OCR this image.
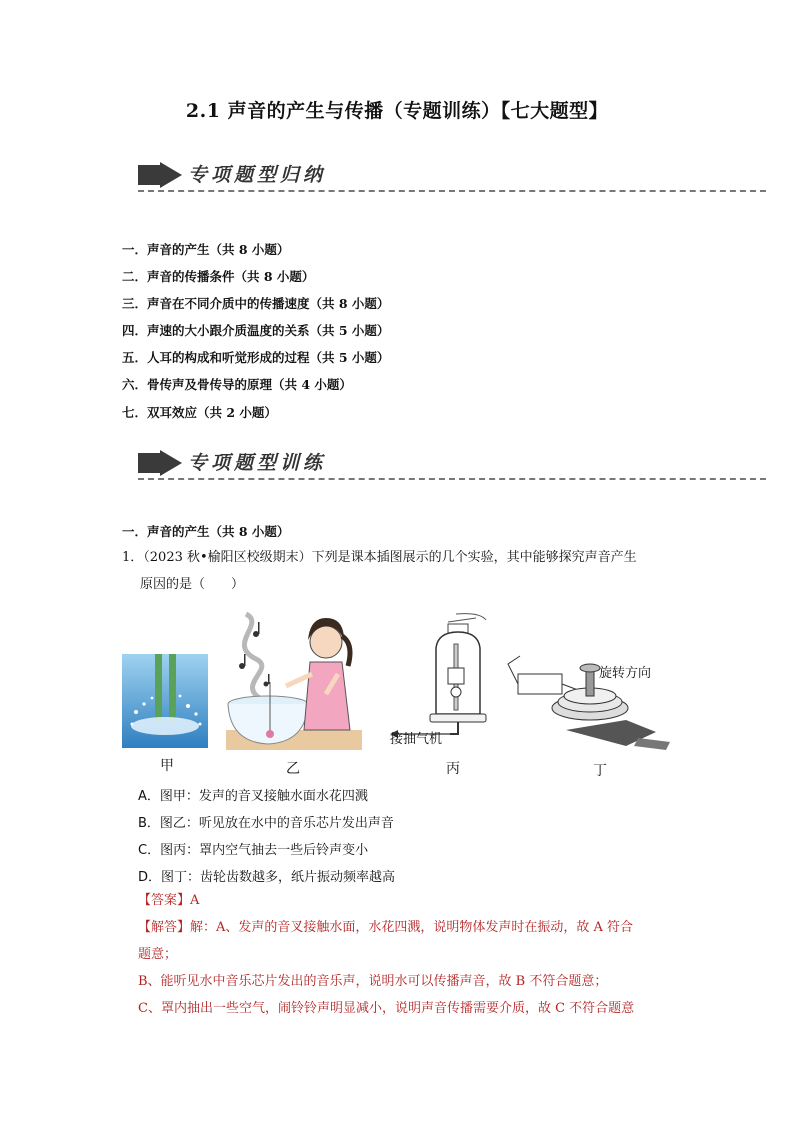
2.1 声音的产生与传播（专题训练）【七大题型】
专项题型归纳
一．声音的产生（共 8 小题）
二．声音的传播条件（共 8 小题）
三．声音在不同介质中的传播速度（共 8 小题）
四．声速的大小跟介质温度的关系（共 5 小题）
五．人耳的构成和听觉形成的过程（共 5 小题）
六．骨传声及骨传导的原理（共 4 小题）
七．双耳效应（共 2 小题）
专项题型训练
一．声音的产生（共 8 小题）
1．（2023 秋•榆阳区校级期末）下列是课本插图展示的几个实验，其中能够探究声音产生
原因的是（　　）
甲	乙
接抽气机
丙
旋转方向
丁
A．图甲：发声的音叉接触水面水花四溅
B．图乙：听见放在水中的音乐芯片发出声音
C．图丙：罩内空气抽去一些后铃声变小
D．图丁：齿轮齿数越多，纸片振动频率越高
【答案】A
【解答】解：A、发声的音叉接触水面，水花四溅，说明物体发声时在振动，故 A 符合
题意；
B、能听见水中音乐芯片发出的音乐声，说明水可以传播声音，故 B 不符合题意；
C、罩内抽出一些空气，闹铃铃声明显减小，说明声音传播需要介质，故 C 不符合题意
